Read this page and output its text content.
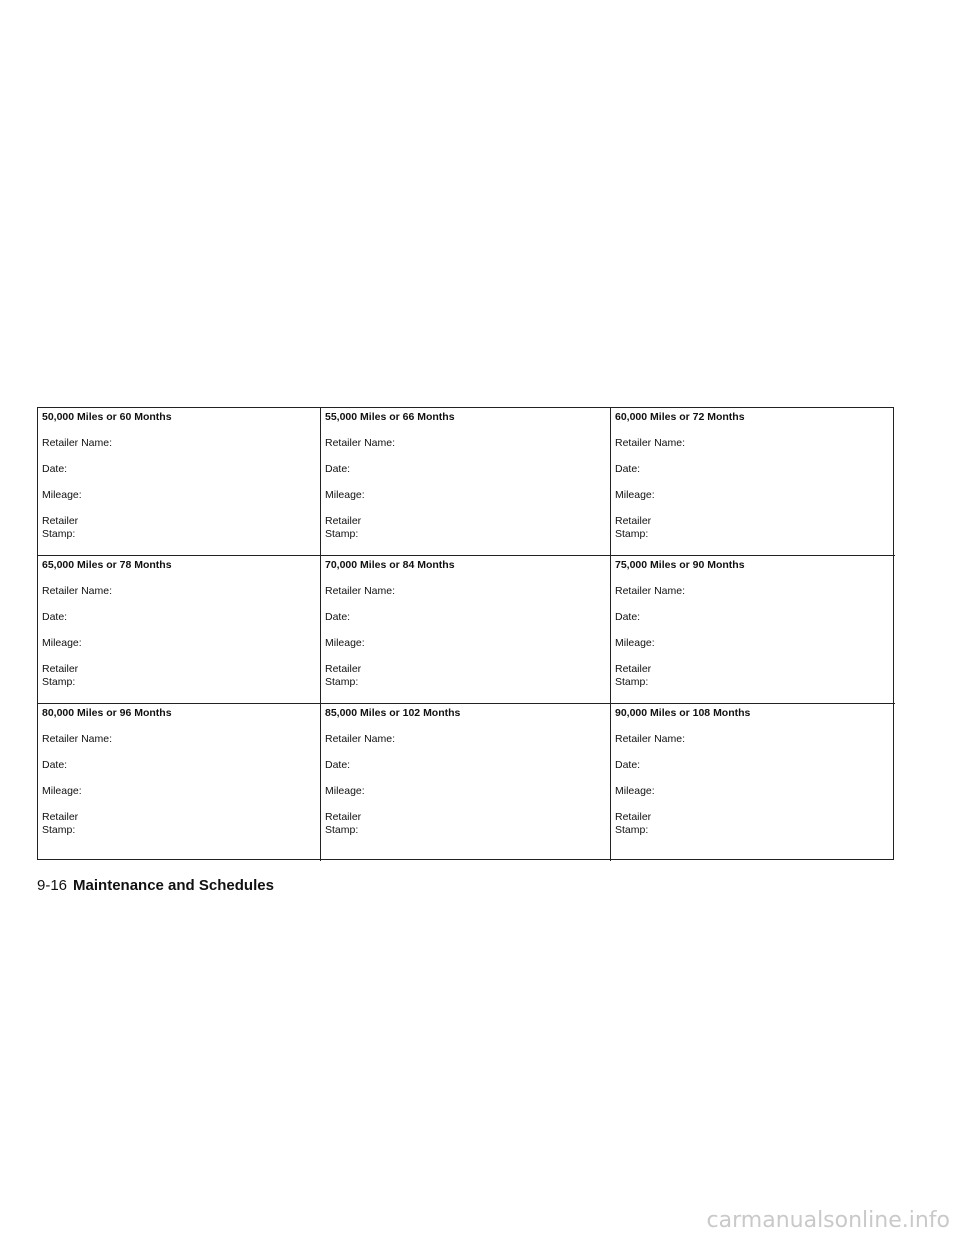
50,000 Miles or 60 Months
Retailer Name:
Date:
Mileage:
Retailer
Stamp:
55,000 Miles or 66 Months
Retailer Name:
Date:
Mileage:
Retailer
Stamp:
60,000 Miles or 72 Months
Retailer Name:
Date:
Mileage:
Retailer
Stamp:
65,000 Miles or 78 Months
Retailer Name:
Date:
Mileage:
Retailer
Stamp:
70,000 Miles or 84 Months
Retailer Name:
Date:
Mileage:
Retailer
Stamp:
75,000 Miles or 90 Months
Retailer Name:
Date:
Mileage:
Retailer
Stamp:
80,000 Miles or 96 Months
Retailer Name:
Date:
Mileage:
Retailer
Stamp:
85,000 Miles or 102 Months
Retailer Name:
Date:
Mileage:
Retailer
Stamp:
90,000 Miles or 108 Months
Retailer Name:
Date:
Mileage:
Retailer
Stamp:
9-16 Maintenance and Schedules
carmanualsonline.info
